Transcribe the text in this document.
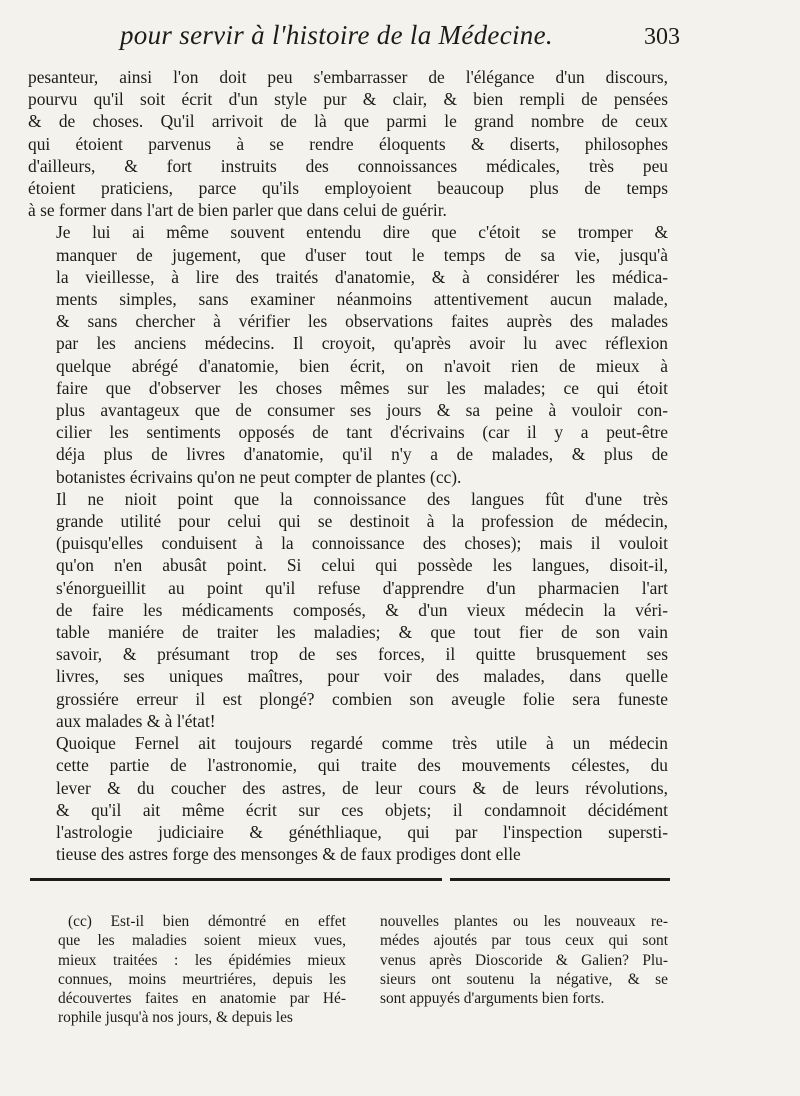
pour servir à l'histoire de la Médecine.	303

pesanteur, ainsi l'on doit peu s'embarrasser de l'élégance d'un discours,
pourvu qu'il soit écrit d'un style pur & clair, & bien rempli de pensées
& de choses. Qu'il arrivoit de là que parmi le grand nombre de ceux
qui étoient parvenus à se rendre éloquents & diserts, philosophes
d'ailleurs, & fort instruits des connoissances médicales, très peu
étoient praticiens, parce qu'ils employoient beaucoup plus de temps
à se former dans l'art de bien parler que dans celui de guérir.

Je lui ai même souvent entendu dire que c'étoit se tromper &
manquer de jugement, que d'user tout le temps de sa vie, jusqu'à
la vieillesse, à lire des traités d'anatomie, & à considérer les médica-
ments simples, sans examiner néanmoins attentivement aucun malade,
& sans chercher à vérifier les observations faites auprès des malades
par les anciens médecins. Il croyoit, qu'après avoir lu avec réflexion
quelque abrégé d'anatomie, bien écrit, on n'avoit rien de mieux à
faire que d'observer les choses mêmes sur les malades; ce qui étoit
plus avantageux que de consumer ses jours & sa peine à vouloir con-
cilier les sentiments opposés de tant d'écrivains (car il y a peut-être
déja plus de livres d'anatomie, qu'il n'y a de malades, & plus de
botanistes écrivains qu'on ne peut compter de plantes (cc).

Il ne nioit point que la connoissance des langues fût d'une très
grande utilité pour celui qui se destinoit à la profession de médecin,
(puisqu'elles conduisent à la connoissance des choses); mais il vouloit
qu'on n'en abusât point. Si celui qui possède les langues, disoit-il,
s'énorgueillit au point qu'il refuse d'apprendre d'un pharmacien l'art
de faire les médicaments composés, & d'un vieux médecin la véri-
table maniére de traiter les maladies; & que tout fier de son vain
savoir, & présumant trop de ses forces, il quitte brusquement ses
livres, ses uniques maîtres, pour voir des malades, dans quelle
grossiére erreur il est plongé? combien son aveugle folie sera funeste
aux malades & à l'état!

Quoique Fernel ait toujours regardé comme très utile à un médecin
cette partie de l'astronomie, qui traite des mouvements célestes, du
lever & du coucher des astres, de leur cours & de leurs révolutions,
& qu'il ait même écrit sur ces objets; il condamnoit décidément
l'astrologie judiciaire & généthliaque, qui par l'inspection supersti-
tieuse des astres forge des mensonges & de faux prodiges dont elle

(cc) Est-il bien démontré en effet
que les maladies soient mieux vues,
mieux traitées : les épidémies mieux
connues, moins meurtriéres, depuis les
découvertes faites en anatomie par Hé-
rophile jusqu'à nos jours, & depuis les
nouvelles plantes ou les nouveaux re-
médes ajoutés par tous ceux qui sont
venus après Dioscoride & Galien? Plu-
sieurs ont soutenu la négative, & se
sont appuyés d'arguments bien forts.
